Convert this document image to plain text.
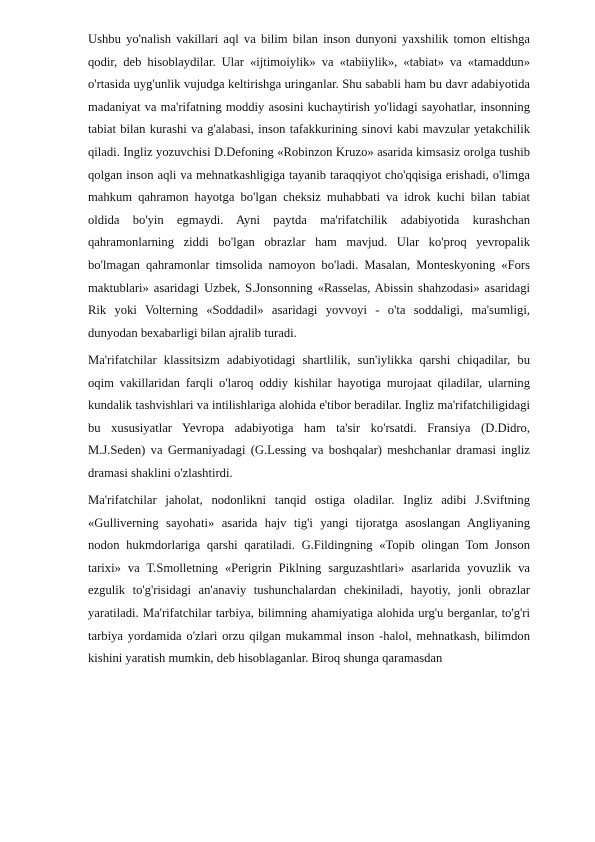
Ushbu yo'nalish vakillari aql va bilim bilan inson dunyoni yaxshilik tomon eltishga qodir, deb hisoblaydilar. Ular «ijtimoiylik» va «tabiiylik», «tabiat» va «tamaddun» o'rtasida uyg'unlik vujudga keltirishga uringanlar. Shu sababli ham bu davr adabiyotida madaniyat va ma'rifatning moddiy asosini kuchaytirish yo'lidagi sayohatlar, insonning tabiat bilan kurashi va g'alabasi, inson tafakkurining sinovi kabi mavzular yetakchilik qiladi. Ingliz yozuvchisi D.Defoning «Robinzon Kruzo» asarida kimsasiz orolga tushib qolgan inson aqli va mehnatkashligiga tayanib taraqqiyot cho'qqisiga erishadi, o'limga mahkum qahramon hayotga bo'lgan cheksiz muhabbati va idrok kuchi bilan tabiat oldida bo'yin egmaydi. Ayni paytda ma'rifatchilik adabiyotida kurashchan qahramonlarning ziddi bo'lgan obrazlar ham mavjud. Ular ko'proq yevropalik bo'lmagan qahramonlar timsolida namoyon bo'ladi. Masalan, Monteskyoning «Fors maktublari» asaridagi Uzbek, S.Jonsonning «Rasselas, Abissin shahzodasi» asaridagi Rik yoki Volterning «Soddadil» asaridagi yovvoyi - o'ta soddaligi, ma'sumligi, dunyodan bexabarligi bilan ajralib turadi.

Ma'rifatchilar klassitsizm adabiyotidagi shartlilik, sun'iylikka qarshi chiqadilar, bu oqim vakillaridan farqli o'laroq oddiy kishilar hayotiga murojaat qiladilar, ularning kundalik tashvishlari va intilishlariga alohida e'tibor beradilar. Ingliz ma'rifatchiligidagi bu xususiyatlar Yevropa adabiyotiga ham ta'sir ko'rsatdi. Fransiya (D.Didro, M.J.Seden) va Germaniyadagi (G.Lessing va boshqalar) meshchanlar dramasi ingliz dramasi shaklini o'zlashtirdi.

Ma'rifatchilar jaholat, nodonlikni tanqid ostiga oladilar. Ingliz adibi J.Sviftning «Gulliverning sayohati» asarida hajv tig'i yangi tijoratga asoslangan Angliyaning nodon hukmdorlariga qarshi qaratiladi. G.Fildingning «Topib olingan Tom Jonson tarixi» va T.Smolletning «Perigrin Piklning sarguzashtlari» asarlarida yovuzlik va ezgulik to'g'risidagi an'anaviy tushunchalardan chekiniladi, hayotiy, jonli obrazlar yaratiladi. Ma'rifatchilar tarbiya, bilimning ahamiyatiga alohida urg'u berganlar, to'g'ri tarbiya yordamida o'zlari orzu qilgan mukammal inson -halol, mehnatkash, bilimdon kishini yaratish mumkin, deb hisoblaganlar. Biroq shunga qaramasdan
